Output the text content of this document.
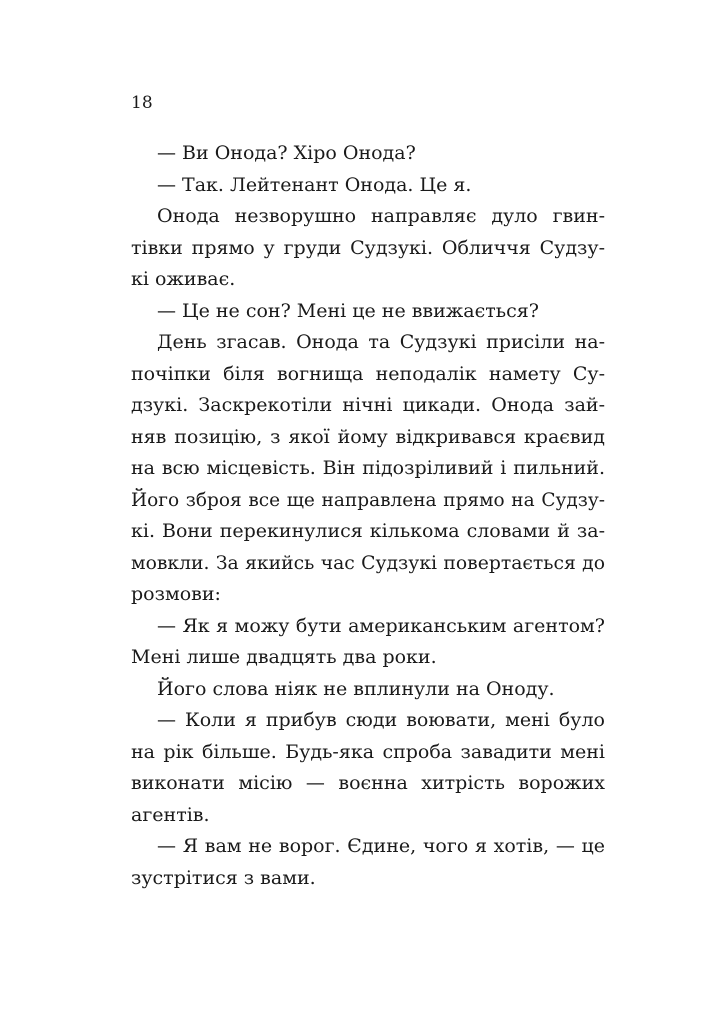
18
— Ви Онода? Хіро Онода?
— Так. Лейтенант Онода. Це я.
Онода незворушно направляє дуло гвин-
тівки прямо у груди Судзукі. Обличчя Судзу-
кі оживає.
— Це не сон? Мені це не ввижається?
День згасав. Онода та Судзукі присіли на-
почіпки біля вогнища неподалік намету Су-
дзукі. Заскрекотіли нічні цикади. Онода зай-
няв позицію, з якої йому відкривався краєвид
на всю місцевість. Він підозріливий і пильний.
Його зброя все ще направлена прямо на Судзу-
кі. Вони перекинулися кількома словами й за-
мовкли. За якийсь час Судзукі повертається до
розмови:
— Як я можу бути американським агентом?
Мені лише двадцять два роки.
Його слова ніяк не вплинули на Оноду.
— Коли я прибув сюди воювати, мені було
на рік більше. Будь-яка спроба завадити мені
виконати місію — воєнна хитрість ворожих
агентів.
— Я вам не ворог. Єдине, чого я хотів, — це
зустрітися з вами.
